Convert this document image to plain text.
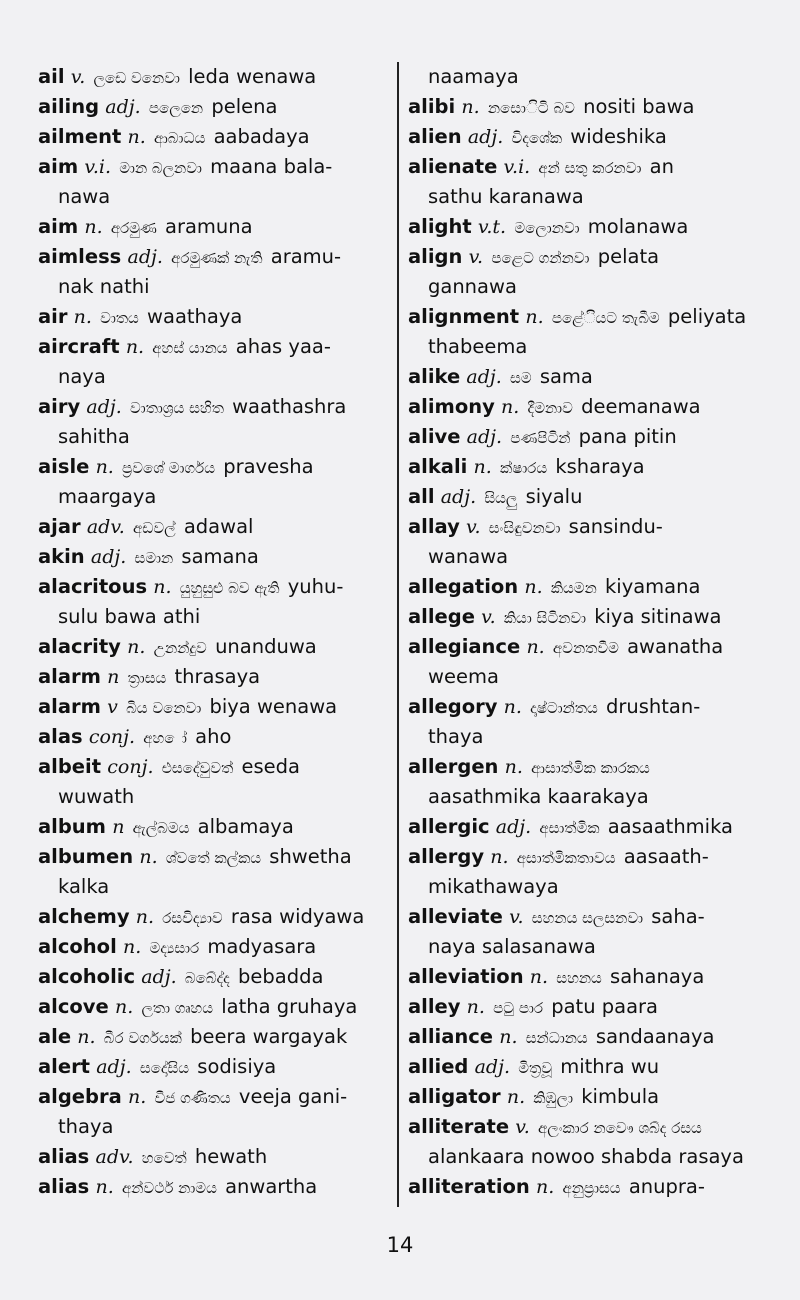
ail v. ලඩෙ වනෙවා leda wenawa
ailing adj. පලෙනෙ pelena
ailment n. ආබාධය aabadaya
aim v.i. මාන බලනවා maana bala-
nawa
aim n. අරමුණ aramuna
aimless adj. අරමුණක් නැති aramu-
nak nathi
air n. වාතය waathaya
aircraft n. අහස් යානය ahas yaa-
naya
airy adj. වාතාශ්‍රය සහිත waathashra
sahitha
aisle n. ප්‍රවශේ මාර්ගය pravesha
maargaya
ajar adv. අඩවල් adawal
akin adj. සමාන samana
alacritous n. යුහුසුළු බව ඇති yuhu-
sulu bawa athi
alacrity n. උනන්දුව unanduwa
alarm n ත්‍රාසය thrasaya
alarm v බිය වනෙවා biya wenawa
alas conj. අහ ෝ aho
albeit conj. එසදේවුවත් eseda
wuwath
album n ඇල්බමය albamaya
albumen n. ශ්වතේ කල්කය shwetha
kalka
alchemy n. රසවිද්‍යාව rasa widyawa
alcohol n. මද්‍යසාර madyasara
alcoholic adj. බබේද්ද bebadda
alcove n. ලතා ගෘහය latha gruhaya
ale n. බීර වර්ගයක් beera wargayak
alert adj. සදෝසිය sodisiya
algebra n. වීජ ගණිතය veeja gani-
thaya
alias adv. හවෙත් hewath
alias n. අන්වර්ථ නාමය anwartha
naamaya
alibi n. නසොිටි බව nositi bawa
alien adj. විදශේක wideshika
alienate v.i. අන් සතු කරනවා an
sathu karanawa
alight v.t. මලොනවා molanawa
align v. පළෙට ගන්නවා pelata
gannawa
alignment n. පළේියට තැබීම peliyata
thabeema
alike adj. සම sama
alimony n. දීමනාව deemanawa
alive adj. පණපිටින් pana pitin
alkali n. ක්ෂාරය ksharaya
all adj. සියලු siyalu
allay v. සංසිඳුවනවා sansindu-
wanawa
allegation n. කියමන kiyamana
allege v. කියා සිටිනවා kiya sitinawa
allegiance n. අවනතවීම awanatha
weema
allegory n. දෘෂ්ටාන්තය drushtan-
thaya
allergen n. ආසාත්මික කාරකය
aasathmika kaarakaya
allergic adj. අසාත්මික aasaathmika
allergy n. අසාත්මිකතාවය aasaath-
mikathawaya
alleviate v. සහනය සලසනවා saha-
naya salasanawa
alleviation n. සහනය sahanaya
alley n. පටු පාර patu paara
alliance n. සන්ධානය sandaanaya
allied adj. මිත්‍රවූ mithra wu
alligator n. කිඹුලා kimbula
alliterate v. අලංකාර නවෞ ශබ්ද රසය
alankaara nowoo shabda rasaya
alliteration n. අනුප්‍රාසය anupra-
14
